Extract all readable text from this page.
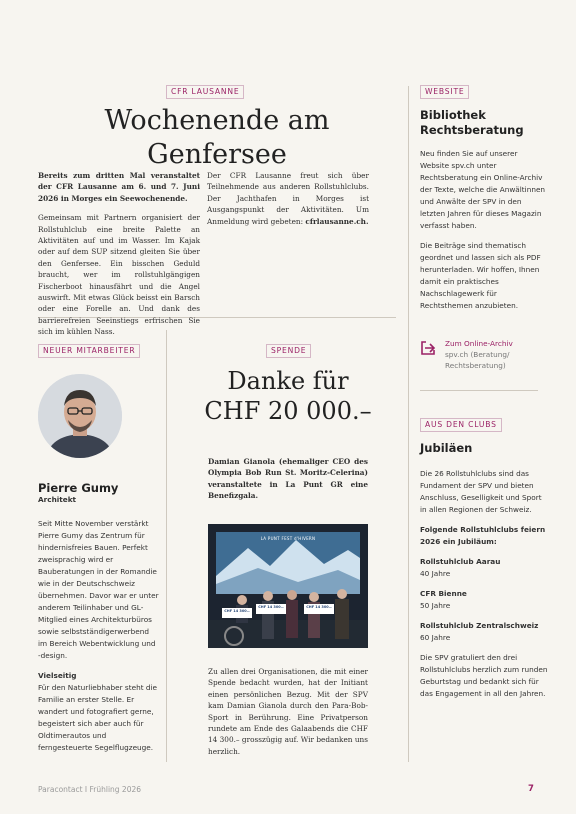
CFR LAUSANNE
Wochenende am Genfersee

Bereits zum dritten Mal veranstaltet der CFR Lausanne am 6. und 7. Juni 2026 in Morges ein Seewochenende.

Gemeinsam mit Partnern organisiert der Rollstuhlclub eine breite Palette an Aktivitäten auf und im Wasser. Im Kajak oder auf dem SUP sitzend gleiten Sie über den Genfersee. Ein bisschen Geduld braucht, wer im rollstuhlgängigen Fischerboot hinausfährt und die Angel auswirft. Mit etwas Glück beisst ein Barsch oder eine Forelle an. Und dank des barrierefreien Seeinstiegs erfrischen Sie sich im kühlen Nass.

Der CFR Lausanne freut sich über Teilnehmende aus anderen Rollstuhlclubs. Der Jachthafen in Morges ist Ausgangspunkt der Aktivitäten. Um Anmeldung wird gebeten: cfrlausanne.ch.

WEBSITE
Bibliothek Rechtsberatung

Neu finden Sie auf unserer Website spv.ch unter Rechtsberatung ein Online-Archiv der Texte, welche die Anwältinnen und Anwälte der SPV in den letzten Jahren für dieses Magazin verfasst haben.

Die Beiträge sind thematisch geordnet und lassen sich als PDF herunterladen. Wir hoffen, Ihnen damit ein praktisches Nachschlagewerk für Rechtsthemen anzubieten.

Zum Online-Archiv
spv.ch (Beratung/ Rechtsberatung)
NEUER MITARBEITER
Pierre Gumy
Architekt

Seit Mitte November verstärkt Pierre Gumy das Zentrum für hindernisfreies Bauen. Perfekt zweisprachig wird er Bauberatungen in der Romandie wie in der Deutschschweiz übernehmen. Davor war er unter anderem Teilinhaber und GL-Mitglied eines Architekturbüros sowie selbstständigerwerbend im Bereich Webentwicklung und -design.

Vielseitig

Für den Naturliebhaber steht die Familie an erster Stelle. Er wandert und fotografiert gerne, begeistert sich aber auch für Oldtimerautos und ferngesteuerte Segelflugzeuge.

SPENDE
Danke für
CHF 20 000.–
Damian Gianola (ehemaliger CEO des Olympia Bob Run St. Moritz-Celerina) veranstaltete in La Punt GR eine Benefizgala.
LA PUNT FEST d'HIVERN
CHF 14 300.–
CHF 14 300.–	CHF 14 300.–
Zu allen drei Organisationen, die mit einer Spende bedacht wurden, hat der Initiant einen persönlichen Bezug. Mit der SPV kam Damian Gianola durch den Para-Bob-Sport in Berührung. Eine Privatperson rundete am Ende des Galaabends die CHF 14 300.– grosszügig auf. Wir bedanken uns herzlich.
AUS DEN CLUBS
Jubiläen

Die 26 Rollstuhlclubs sind das Fundament der SPV und bieten Anschluss, Geselligkeit und Sport in allen Regionen der Schweiz.

Folgende Rollstuhlclubs feiern 2026 ein Jubiläum:

Rollstuhlclub Aarau
40 Jahre
CFR Bienne
50 Jahre
Rollstuhlclub Zentralschweiz
60 Jahre

Die SPV gratuliert den drei Rollstuhlclubs herzlich zum runden Geburtstag und bedankt sich für das Engagement in all den Jahren.

Paracontact I Frühling 2026	7
